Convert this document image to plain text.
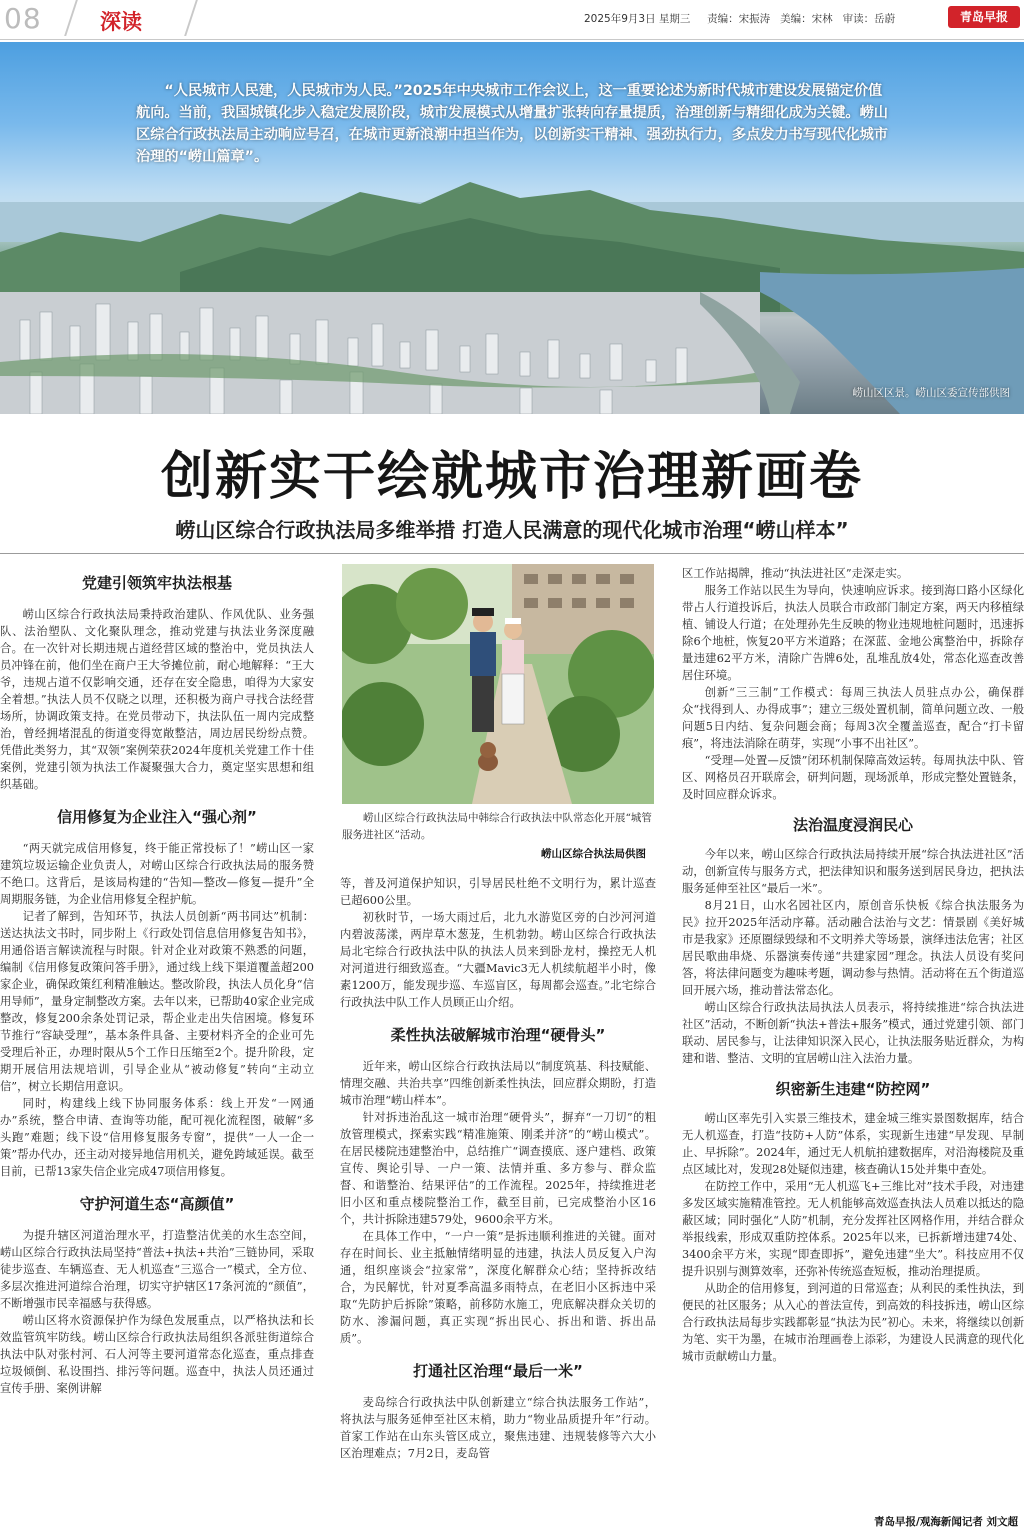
08	深读	2025年9月3日 星期三 责编：宋振涛 美编：宋林 审读：岳蔚	青岛早报
“人民城市人民建，人民城市为人民。”2025年中央城市工作会议上，这一重要论述为新时代城市建设发展锚定价值航向。当前，我国城镇化步入稳定发展阶段，城市发展模式从增量扩张转向存量提质，治理创新与精细化成为关键。崂山区综合行政执法局主动响应号召，在城市更新浪潮中担当作为，以创新实干精神、强劲执行力，多点发力书写现代化城市治理的“崂山篇章”。
崂山区区景。崂山区委宣传部供图
创新实干绘就城市治理新画卷
崂山区综合行政执法局多维举措 打造人民满意的现代化城市治理“崂山样本”

党建引领筑牢执法根基

崂山区综合行政执法局秉持政治建队、作风优队、业务强队、法治塑队、文化聚队理念，推动党建与执法业务深度融合。在一次针对长期违规占道经营区域的整治中，党员执法人员冲锋在前，他们坐在商户王大爷摊位前，耐心地解释：“王大爷，违规占道不仅影响交通，还存在安全隐患，咱得为大家安全着想。”执法人员不仅晓之以理，还积极为商户寻找合法经营场所，协调政策支持。在党员带动下，执法队伍一周内完成整治，曾经拥堵混乱的街道变得宽敞整洁，周边居民纷纷点赞。凭借此类努力，其“双领”案例荣获2024年度机关党建工作十佳案例，党建引领为执法工作凝聚强大合力，奠定坚实思想和组织基础。

信用修复为企业注入“强心剂”

“两天就完成信用修复，终于能正常投标了！”崂山区一家建筑垃圾运输企业负责人，对崂山区综合行政执法局的服务赞不绝口。这背后，是该局构建的“告知—整改—修复—提升”全周期服务链，为企业信用修复全程护航。

记者了解到，告知环节，执法人员创新“两书同达”机制：送达执法文书时，同步附上《行政处罚信息信用修复告知书》，用通俗语言解读流程与时限。针对企业对政策不熟悉的问题，编制《信用修复政策问答手册》，通过线上线下渠道覆盖超200家企业，确保政策红利精准触达。整改阶段，执法人员化身“信用导师”，量身定制整改方案。去年以来，已帮助40家企业完成整改，修复200余条处罚记录，帮企业走出失信困境。修复环节推行“容缺受理”，基本条件具备、主要材料齐全的企业可先受理后补正，办理时限从5个工作日压缩至2个。提升阶段，定期开展信用法规培训，引导企业从“被动修复”转向“主动立信”，树立长期信用意识。

同时，构建线上线下协同服务体系：线上开发“一网通办”系统，整合申请、查询等功能，配可视化流程图，破解“多头跑”难题；线下设“信用修复服务专窗”，提供“一人一企一策”帮办代办，还主动对接异地信用机关，避免跨域延误。截至目前，已帮13家失信企业完成47项信用修复。

守护河道生态“高颜值”

为提升辖区河道治理水平，打造整洁优美的水生态空间，崂山区综合行政执法局坚持“普法+执法+共治”三链协同，采取徒步巡查、车辆巡查、无人机巡查“三巡合一”模式，全方位、多层次推进河道综合治理，切实守护辖区17条河流的“颜值”，不断增强市民幸福感与获得感。

崂山区将水资源保护作为绿色发展重点，以严格执法和长效监管筑牢防线。崂山区综合行政执法局组织各派驻街道综合执法中队对张村河、石人河等主要河道常态化巡查，重点排查垃圾倾倒、私设围挡、排污等问题。巡查中，执法人员还通过宣传手册、案例讲解

崂山区综合行政执法局中韩综合行政执法中队常态化开展“城管服务进社区”活动。
崂山区综合执法局供图

等，普及河道保护知识，引导居民杜绝不文明行为，累计巡查已超600公里。

初秋时节，一场大雨过后，北九水游览区旁的白沙河河道内碧波荡漾，两岸草木葱茏，生机勃勃。崂山区综合行政执法局北宅综合行政执法中队的执法人员来到卧龙村，操控无人机对河道进行细致巡查。“大疆Mavic3无人机续航超半小时，像素1200万，能发现步巡、车巡盲区，每周都会巡查。”北宅综合行政执法中队工作人员顾正山介绍。

柔性执法破解城市治理“硬骨头”

近年来，崂山区综合行政执法局以“制度筑基、科技赋能、情理交融、共治共享”四维创新柔性执法，回应群众期盼，打造城市治理“崂山样本”。

针对拆违治乱这一城市治理“硬骨头”，摒弃“一刀切”的粗放管理模式，探索实践“精准施策、刚柔并济”的“崂山模式”。在居民楼院违建整治中，总结推广“调查摸底、逐户建档、政策宣传、舆论引导、一户一策、法情并重、多方参与、群众监督、和谐整治、结果评估”的工作流程。2025年，持续推进老旧小区和重点楼院整治工作，截至目前，已完成整治小区16个，共计拆除违建579处，9600余平方米。

在具体工作中，“一户一策”是拆违顺利推进的关键。面对存在时间长、业主抵触情绪明显的违建，执法人员反复入户沟通，组织座谈会“拉家常”，深度化解群众心结；坚持拆改结合，为民解忧，针对夏季高温多雨特点，在老旧小区拆违中采取“先防护后拆除”策略，前移防水施工，兜底解决群众关切的防水、渗漏问题，真正实现“拆出民心、拆出和谐、拆出品质”。

打通社区治理“最后一米”

麦岛综合行政执法中队创新建立“综合执法服务工作站”，将执法与服务延伸至社区末梢，助力“物业品质提升年”行动。首家工作站在山东头管区成立，聚焦违建、违规装修等六大小区治理难点；7月2日，麦岛管

区工作站揭牌，推动“执法进社区”走深走实。

服务工作站以民生为导向，快速响应诉求。接到海口路小区绿化带占人行道投诉后，执法人员联合市政部门制定方案，两天内移植绿植、铺设人行道；在处理孙先生反映的物业违规地桩问题时，迅速拆除6个地桩，恢复20平方米道路；在深蓝、金地公寓整治中，拆除存量违建62平方米，清除广告牌6处，乱堆乱放4处，常态化巡查改善居住环境。

创新“三三制”工作模式：每周三执法人员驻点办公，确保群众“找得到人、办得成事”；建立三级处置机制，简单问题立改、一般问题5日内结、复杂问题会商；每周3次全覆盖巡查，配合“打卡留痕”，将违法消除在萌芽，实现“小事不出社区”。

“受理—处置—反馈”闭环机制保障高效运转。每周执法中队、管区、网格员召开联席会，研判问题，现场派单，形成完整处置链条，及时回应群众诉求。

法治温度浸润民心

今年以来，崂山区综合行政执法局持续开展“综合执法进社区”活动，创新宣传与服务方式，把法律知识和服务送到居民身边，把执法服务延伸至社区“最后一米”。

8月21日，山水名园社区内，原创音乐快板《综合执法服务为民》拉开2025年活动序幕。活动融合法治与文艺：情景剧《美好城市是我家》还原圈绿毁绿和不文明养犬等场景，演绎违法危害；社区居民歌曲串烧、乐器演奏传递“共建家园”理念。执法人员设有奖问答，将法律问题变为趣味考题，调动参与热情。活动将在五个街道巡回开展六场，推动普法常态化。

崂山区综合行政执法局执法人员表示，将持续推进“综合执法进社区”活动，不断创新“执法+普法+服务”模式，通过党建引领、部门联动、居民参与，让法律知识深入民心，让执法服务贴近群众，为构建和谐、整洁、文明的宜居崂山注入法治力量。

织密新生违建“防控网”

崂山区率先引入实景三维技术，建金城三维实景图数据库，结合无人机巡查，打造“技防+人防”体系，实现新生违建“早发现、早制止、早拆除”。2024年，通过无人机航拍建数据库，对沿海楼院及重点区域比对，发现28处疑似违建，核查确认15处并集中查处。

在防控工作中，采用“无人机巡飞+三维比对”技术手段，对违建多发区域实施精准管控。无人机能够高效巡查执法人员难以抵达的隐蔽区域；同时强化“人防”机制，充分发挥社区网格作用，并结合群众举报线索，形成双重防控体系。2025年以来，已拆新增违建74处、3400余平方米，实现“即查即拆”，避免违建“坐大”。科技应用不仅提升识别与测算效率，还弥补传统巡查短板，推动治理提质。

从助企的信用修复，到河道的日常巡查；从利民的柔性执法，到便民的社区服务；从入心的普法宣传，到高效的科技拆违，崂山区综合行政执法局每步实践都彰显“执法为民”初心。未来，将继续以创新为笔、实干为墨，在城市治理画卷上添彩，为建设人民满意的现代化城市贡献崂山力量。

青岛早报/观海新闻记者 刘文超
